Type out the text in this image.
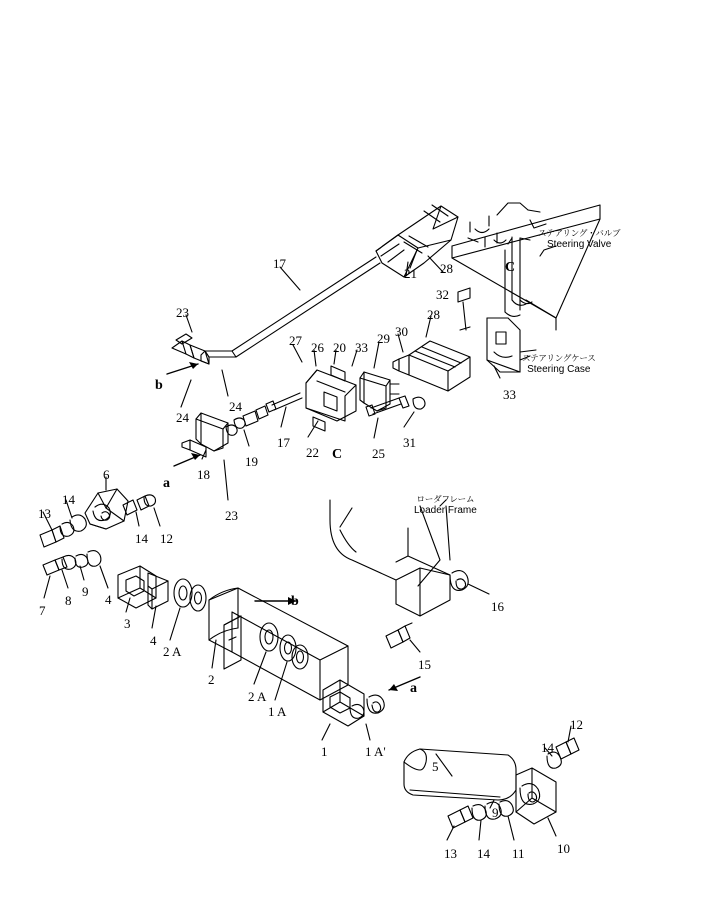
17
23
b
24
24
27 26 20 33
29 30
28
32
28
21	C
33
31
25
C
22
17
19
18
a
23
6
14
13
14 12
7
8
9
4
3
4
2 A
2
2 A
1 A
b
1	1 A'
a
16
15
5
12
14
10
11
14
13
9
ステアリング・バルブ
Steering Valve
ステアリングケース
Steering Case
ローダフレーム
Loader Frame
